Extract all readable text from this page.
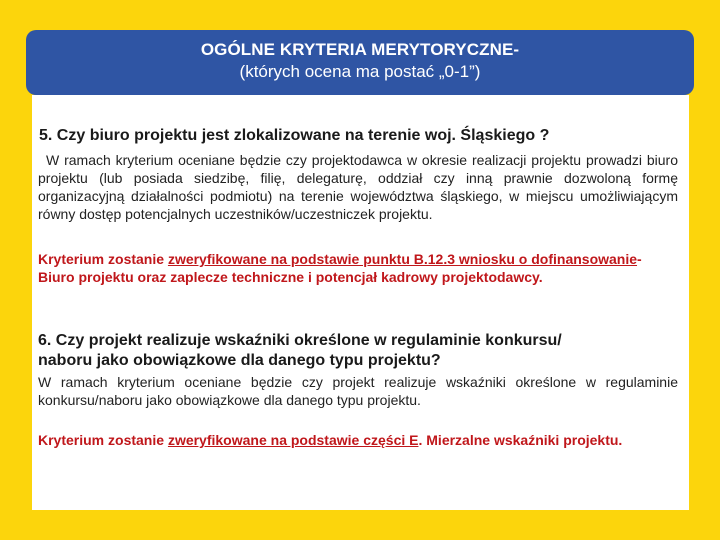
OGÓLNE KRYTERIA MERYTORYCZNE-
(których ocena ma postać „0-1”)
5. Czy biuro projektu jest zlokalizowane na terenie woj. Śląskiego ?
W ramach kryterium oceniane będzie czy projektodawca w okresie realizacji projektu prowadzi biuro projektu (lub posiada siedzibę, filię, delegaturę, oddział czy inną prawnie dozwoloną formę organizacyjną działalności podmiotu) na terenie województwa śląskiego, w miejscu umożliwiającym równy dostęp potencjalnych uczestników/uczestniczek projektu.
Kryterium zostanie zweryfikowane na podstawie punktu B.12.3 wniosku o dofinansowanie- Biuro projektu oraz zaplecze techniczne i potencjał kadrowy projektodawcy.
6. Czy projekt realizuje wskaźniki określone w regulaminie konkursu/
naboru jako obowiązkowe dla danego typu projektu?
W ramach kryterium oceniane będzie czy projekt realizuje wskaźniki określone w regulaminie konkursu/naboru jako obowiązkowe dla danego typu projektu.
Kryterium zostanie zweryfikowane na podstawie części E. Mierzalne wskaźniki projektu.
